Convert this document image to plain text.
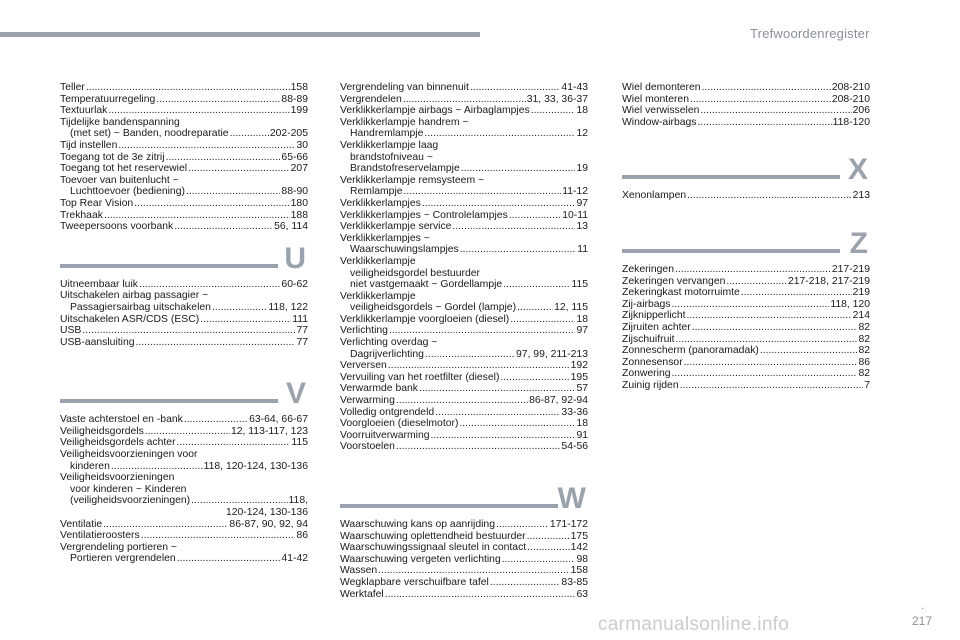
Trefwoordenregister
Teller .....	158
Temperatuurregeling .....	88-89
Textuurlak .....	199
Tijdelijke bandenspanning
(met set) ~ Banden, noodreparatie .....	202-205
Tijd instellen .....	30
Toegang tot de 3e zitrij .....	65-66
Toegang tot het reservewiel .....	207
Toevoer van buitenlucht ~
Luchttoevoer (bediening) .....	88-90
Top Rear Vision .....	180
Trekhaak .....	188
Tweepersoons voorbank .....	56, 114
U
Uitneembaar luik .....	60-62
Uitschakelen airbag passagier ~
Passagiersairbag uitschakelen .....	118, 122
Uitschakelen ASR/CDS (ESC) .....	111
USB .....	77
USB-aansluiting .....	77
V
Vaste achterstoel en -bank .....	63-64, 66-67
Veiligheidsgordels .....	12, 113-117, 123
Veiligheidsgordels achter .....	115
Veiligheidsvoorzieningen voor
kinderen .....	118, 120-124, 130-136
Veiligheidsvoorzieningen
voor kinderen ~ Kinderen
(veiligheidsvoorzieningen) .....	118,
120-124, 130-136
Ventilatie .....	86-87, 90, 92, 94
Ventilatieroosters .....	86
Vergrendeling portieren ~
Portieren vergrendelen .....	41-42
Vergrendeling van binnenuit .....	41-43
Vergrendelen .....	31, 33, 36-37
Verklikkerlampje airbags ~ Airbaglampjes .....	18
Verklikkerlampje handrem ~
Handremlampje .....	12
Verklikkerlampje laag
brandstofniveau ~
Brandstofreservelampje .....	19
Verklikkerlampje remsysteem ~
Remlampje .....	11-12
Verklikkerlampjes .....	97
Verklikkerlampjes ~ Controlelampjes .....	10-11
Verklikkerlampje service .....	13
Verklikkerlampjes ~
Waarschuwingslampjes .....	11
Verklikkerlampje
veiligheidsgordel bestuurder
niet vastgemaakt ~ Gordellampje .....	115
Verklikkerlampje
veiligheidsgordels ~ Gordel (lampje) .....	12, 115
Verklikkerlampje voorgloeien (diesel) .....	18
Verlichting .....	97
Verlichting overdag ~
Dagrijverlichting .....	97, 99, 211-213
Verversen .....	192
Vervuiling van het roetfilter (diesel) .....	195
Verwarmde bank .....	57
Verwarming .....	86-87, 92-94
Volledig ontgrendeld .....	33-36
Voorgloeien (dieselmotor) .....	18
Voorruitverwarming .....	91
Voorstoelen .....	54-56
W
Waarschuwing kans op aanrijding .....	171-172
Waarschuwing oplettendheid bestuurder .....	175
Waarschuwingssignaal sleutel in contact .....	142
Waarschuwing vergeten verlichting .....	98
Wassen .....	158
Wegklapbare verschuifbare tafel .....	83-85
Werktafel .....	63
Wiel demonteren .....	208-210
Wiel monteren .....	208-210
Wiel verwisselen .....	206
Window-airbags .....	118-120
X
Xenonlampen .....	213
Z
Zekeringen .....	217-219
Zekeringen vervangen .....	217-218, 217-219
Zekeringkast motorruimte .....	219
Zij-airbags .....	118, 120
Zijknipperlicht .....	214
Zijruiten achter .....	82
Zijschuifruit .....	82
Zonnescherm (panoramadak) .....	82
Zonnesensor .....	86
Zonwering .....	82
Zuinig rijden .....	7
carmanualsonline.info
.
217
